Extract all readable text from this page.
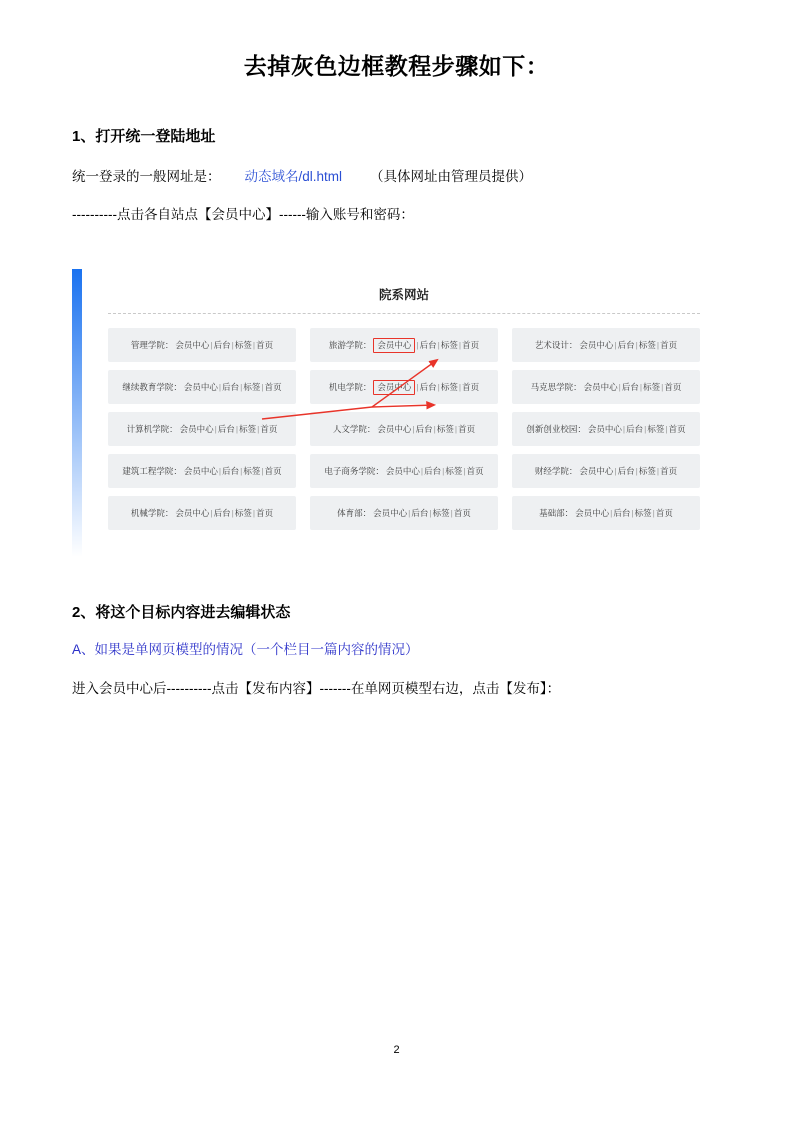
去掉灰色边框教程步骤如下：
1、打开统一登陆地址
统一登录的一般网址是： 动态域名/dl.html （具体网址由管理员提供）
----------点击各自站点【会员中心】------输入账号和密码：
院系网站
管理学院： 会员中心 | 后台 | 标签 | 首页	旅游学院： 会员中心 | 后台 | 标签 | 首页	艺术设计： 会员中心 | 后台 | 标签 | 首页
继续教育学院： 会员中心 | 后台 | 标签 | 首页	机电学院： 会员中心 | 后台 | 标签 | 首页	马克思学院： 会员中心 | 后台 | 标签 | 首页
计算机学院： 会员中心 | 后台 | 标签 | 首页	人文学院： 会员中心 | 后台 | 标签 | 首页	创新创业校园： 会员中心 | 后台 | 标签 | 首页
建筑工程学院： 会员中心 | 后台 | 标签 | 首页	电子商务学院： 会员中心 | 后台 | 标签 | 首页	财经学院： 会员中心 | 后台 | 标签 | 首页
机械学院： 会员中心 | 后台 | 标签 | 首页	体育部： 会员中心 | 后台 | 标签 | 首页	基础部： 会员中心 | 后台 | 标签 | 首页
2、将这个目标内容进去编辑状态
A、如果是单网页模型的情况（一个栏目一篇内容的情况）
进入会员中心后----------点击【发布内容】-------在单网页模型右边，点击【发布】：
2
